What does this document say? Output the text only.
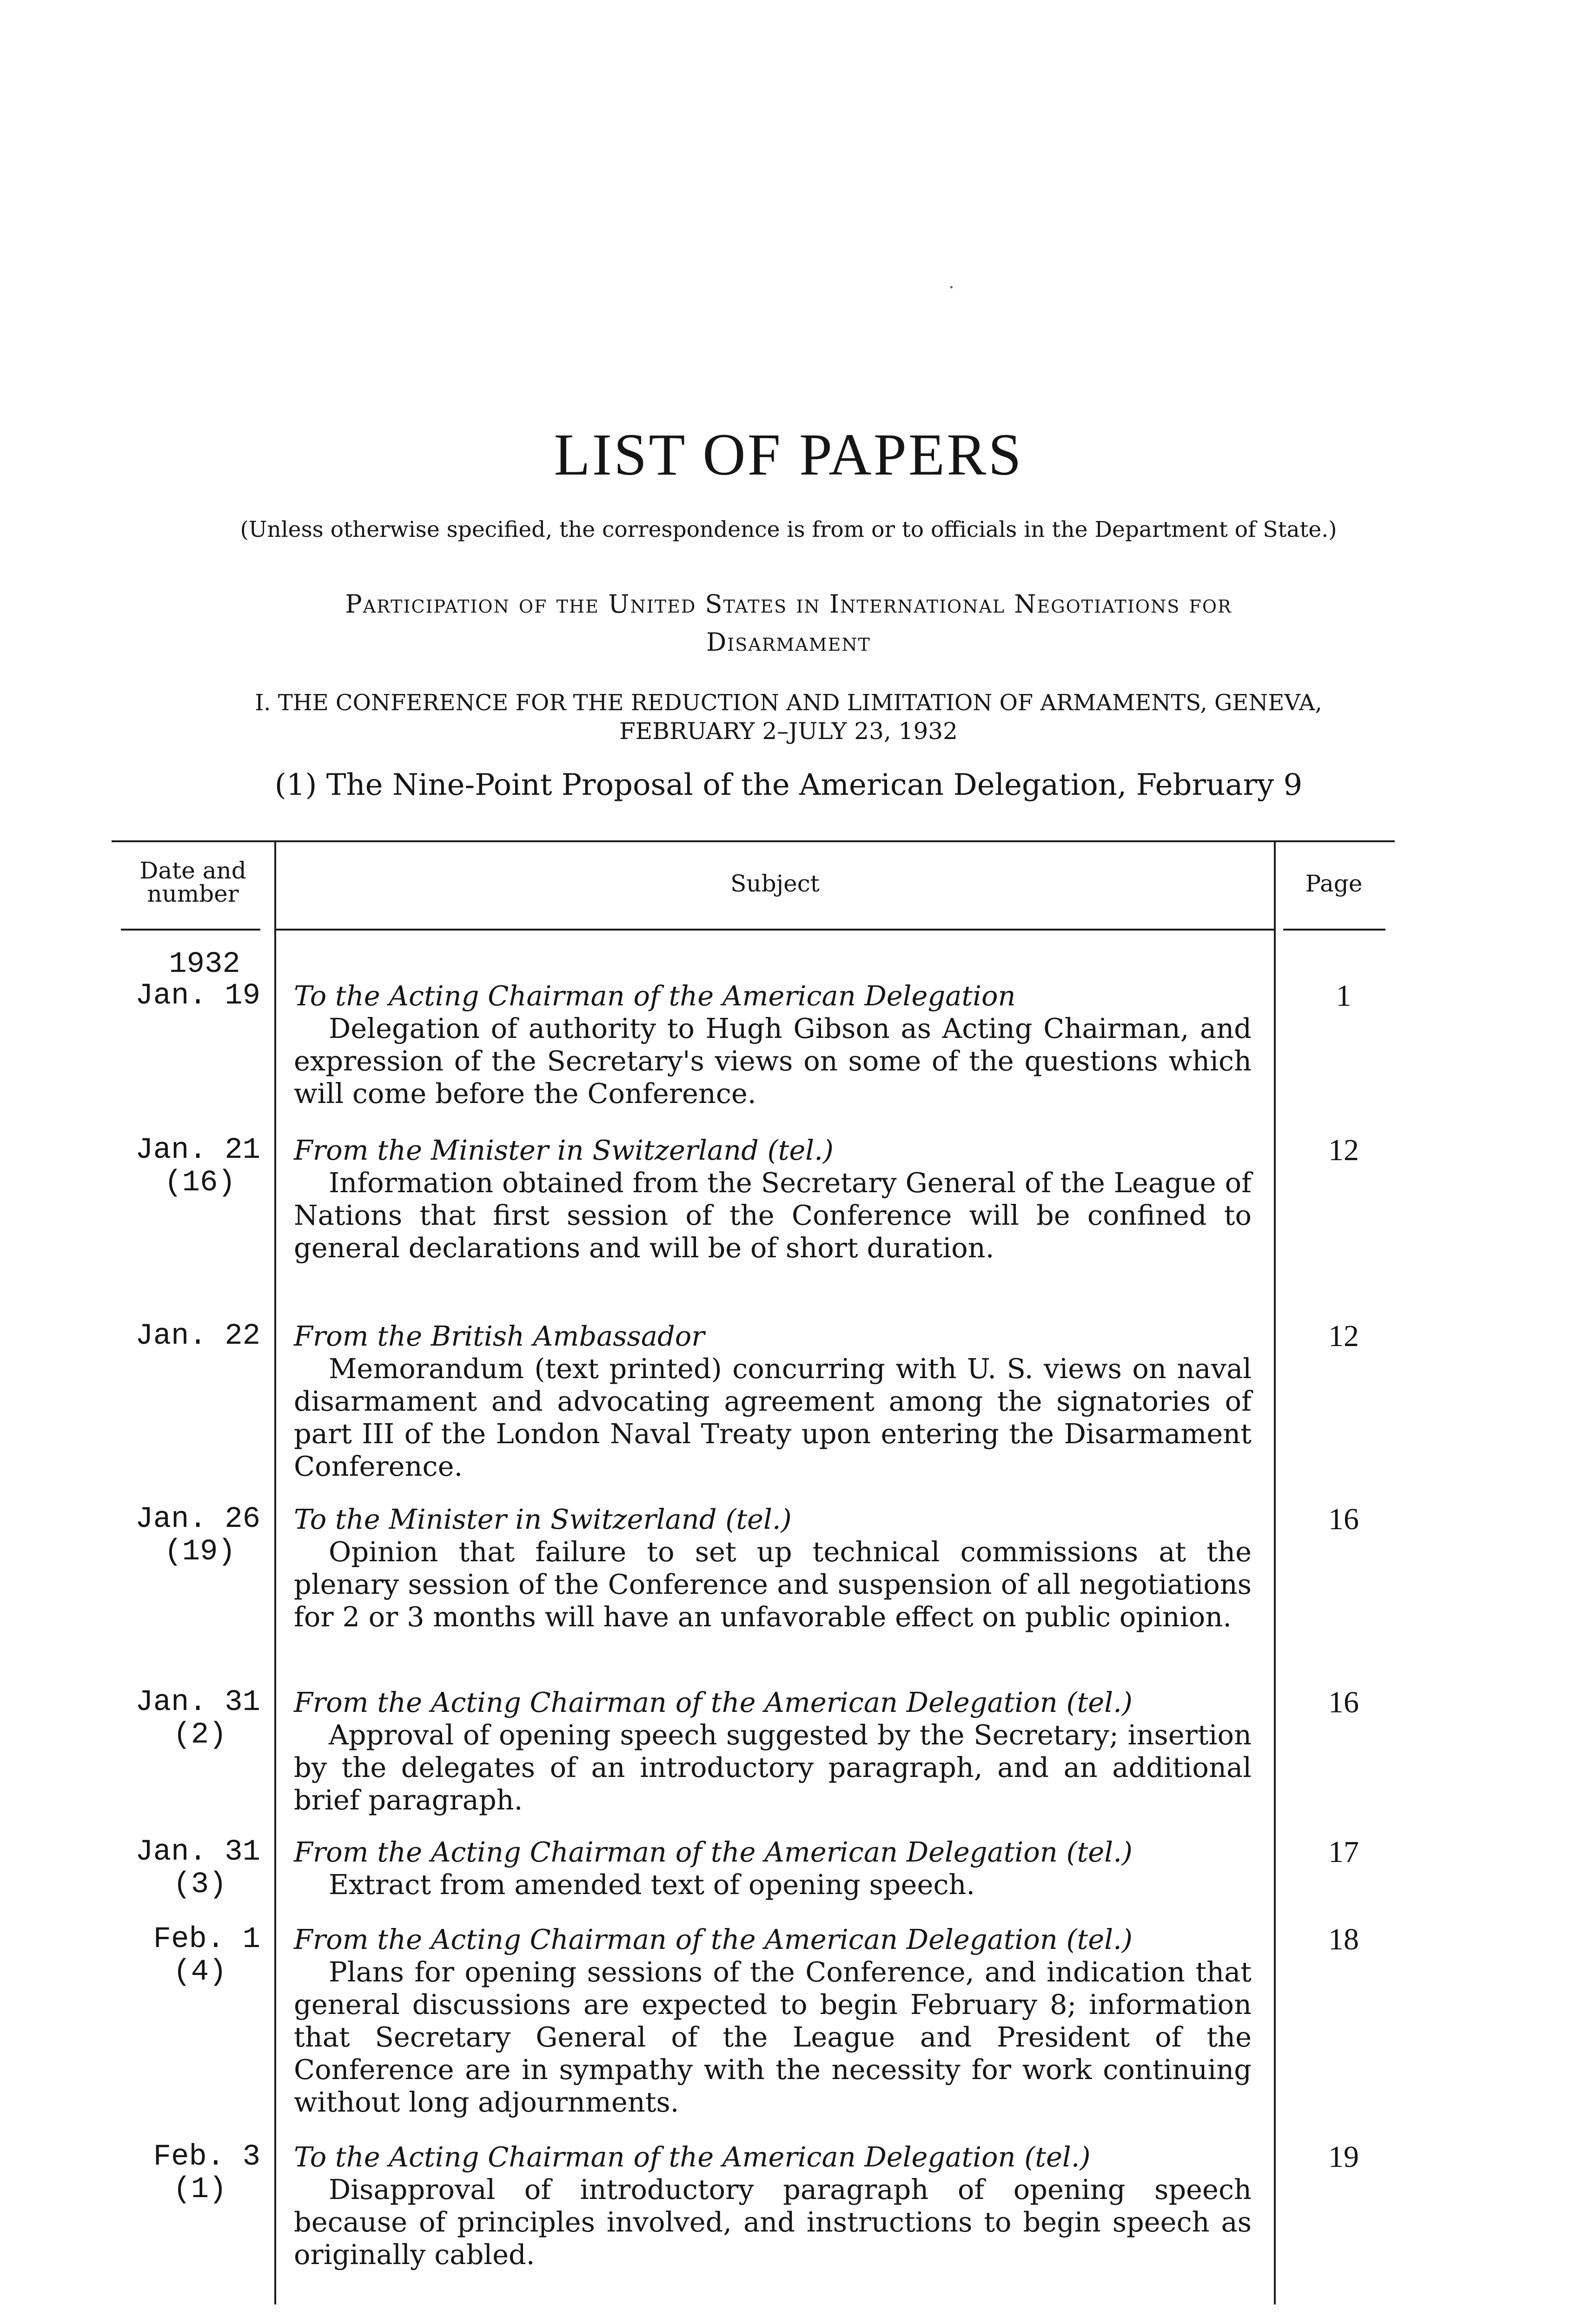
·
LIST OF PAPERS
(Unless otherwise specified, the correspondence is from or to officials in the Department of State.)
Participation of the United States in International Negotiations for
Disarmament
I. THE CONFERENCE FOR THE REDUCTION AND LIMITATION OF ARMAMENTS, GENEVA,
FEBRUARY 2–JULY 23, 1932
(1) The Nine-Point Proposal of the American Delegation, February 9
Date and
number	Subject	Page
1932
Jan. 19 To the Acting Chairman of the American Delegation
Delegation of authority to Hugh Gibson as Acting Chairman, and expression of the Secretary's views on some of the questions which will come before the Conference.
1
Jan. 21
(16)
From the Minister in Switzerland (tel.)
Information obtained from the Secretary General of the League of Nations that first session of the Conference will be confined to general declarations and will be of short duration.
12
Jan. 22 From the British Ambassador
Memorandum (text printed) concurring with U. S. views on naval disarmament and advocating agreement among the signatories of part III of the London Naval Treaty upon entering the Disarmament Conference.
12
Jan. 26
(19)
To the Minister in Switzerland (tel.)
Opinion that failure to set up technical commissions at the plenary session of the Conference and suspension of all negotiations for 2 or 3 months will have an unfavorable effect on public opinion.
16
Jan. 31
(2)
From the Acting Chairman of the American Delegation (tel.)
Approval of opening speech suggested by the Secretary; insertion by the delegates of an introductory paragraph, and an additional brief paragraph.
16
Jan. 31
(3)
From the Acting Chairman of the American Delegation (tel.)
Extract from amended text of opening speech.
17
Feb. 1
(4)
From the Acting Chairman of the American Delegation (tel.)
Plans for opening sessions of the Conference, and indication that general discussions are expected to begin February 8; information that Secretary General of the League and President of the Conference are in sympathy with the necessity for work continuing without long adjournments.
18
Feb. 3
(1)
To the Acting Chairman of the American Delegation (tel.)
Disapproval of introductory paragraph of opening speech because of principles involved, and instructions to begin speech as originally cabled.
19
